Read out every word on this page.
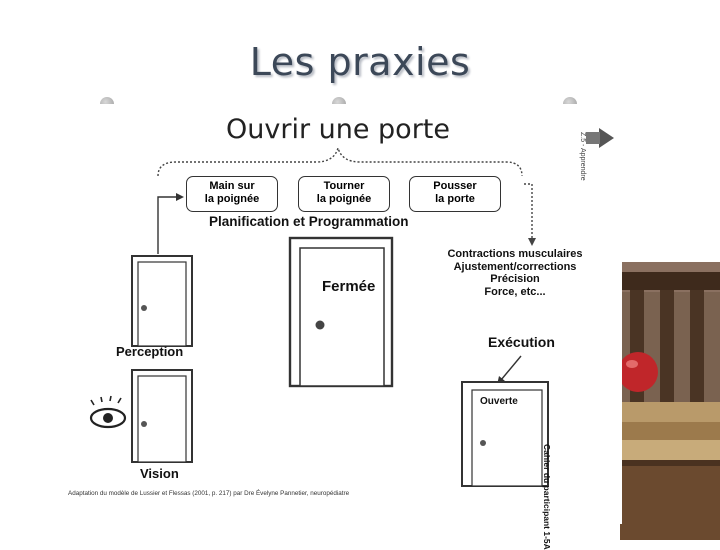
Les praxies
Ouvrir une porte
Main sur
la poignée
Tourner
la poignée
Pousser
la porte
Planification et Programmation
Fermée
Perception
Vision
Contractions musculaires
Ajustement/corrections
Précision
Force, etc...
Exécution
Ouverte
Cahier du participant 1-5A
Z.5 - Apprendre
Adaptation du modèle de Lussier et Flessas (2001, p. 217) par Dre Évelyne Pannetier, neuropédiatre
